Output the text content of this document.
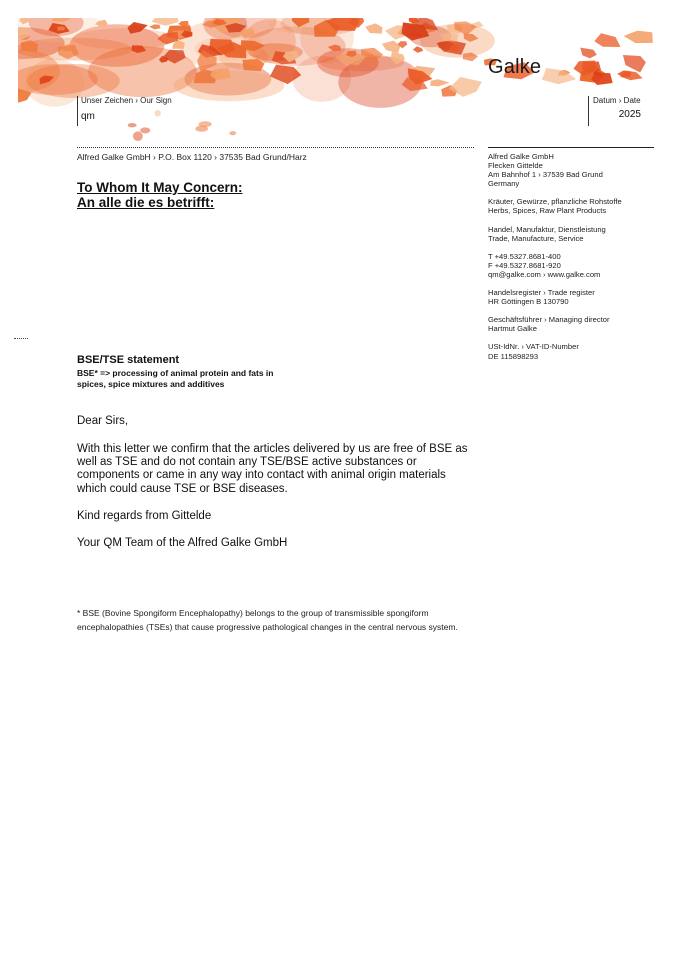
Galke
Unser Zeichen › Our Sign
qm
Datum › Date
2025
Alfred Galke GmbH › P.O. Box 1120 › 37535 Bad Grund/Harz
To Whom It May Concern:
An alle die es betrifft:
BSE/TSE statement
BSE* => processing of animal protein and fats in
spices, spice mixtures and additives
Dear Sirs,
With this letter we confirm that the articles delivered by us are free of BSE as well as TSE and do not contain any TSE/BSE active substances or components or came in any way into contact with animal origin materials which could cause TSE or BSE diseases.
Kind regards from Gittelde
Your QM Team of the Alfred Galke GmbH
* BSE (Bovine Spongiform Encephalopathy) belongs to the group of transmissible spongiform encephalopathies (TSEs) that cause progressive pathological changes in the central nervous system.
Alfred Galke GmbH
Flecken Gittelde
Am Bahnhof 1 › 37539 Bad Grund
Germany
Kräuter, Gewürze, pflanzliche Rohstoffe
Herbs, Spices, Raw Plant Products
Handel, Manufaktur, Dienstleistung
Trade, Manufacture, Service
T +49.5327.8681-400
F +49.5327.8681-920
qm@galke.com › www.galke.com
Handelsregister › Trade register
HR Göttingen B 130790
Geschäftsführer › Managing director
Hartmut Galke
USt-IdNr. › VAT-ID-Number
DE 115898293
